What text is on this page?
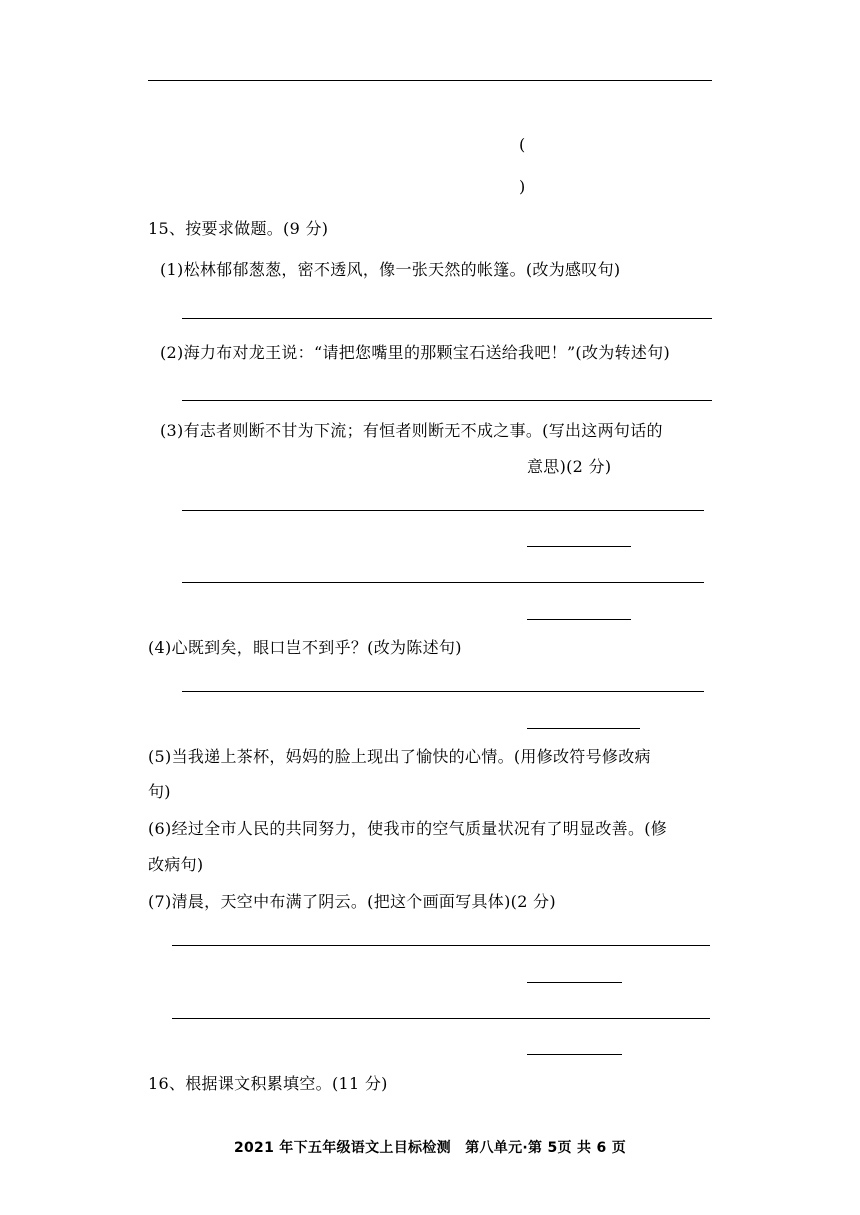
(
)
15、按要求做题。(9 分)
(1)松林郁郁葱葱，密不透风，像一张天然的帐篷。(改为感叹句)
(2)海力布对龙王说：“请把您嘴里的那颗宝石送给我吧！”(改为转述句)
(3)有志者则断不甘为下流；有恒者则断无不成之事。(写出这两句话的
意思)(2 分)
(4)心既到矣，眼口岂不到乎？(改为陈述句)
(5)当我递上茶杯，妈妈的脸上现出了愉快的心情。(用修改符号修改病
句)
(6)经过全市人民的共同努力，使我市的空气质量状况有了明显改善。(修
改病句)
(7)清晨，天空中布满了阴云。(把这个画面写具体)(2 分)
16、根据课文积累填空。(11 分)
2021 年下五年级语文上目标检测　第八单元·第 5页 共 6 页
